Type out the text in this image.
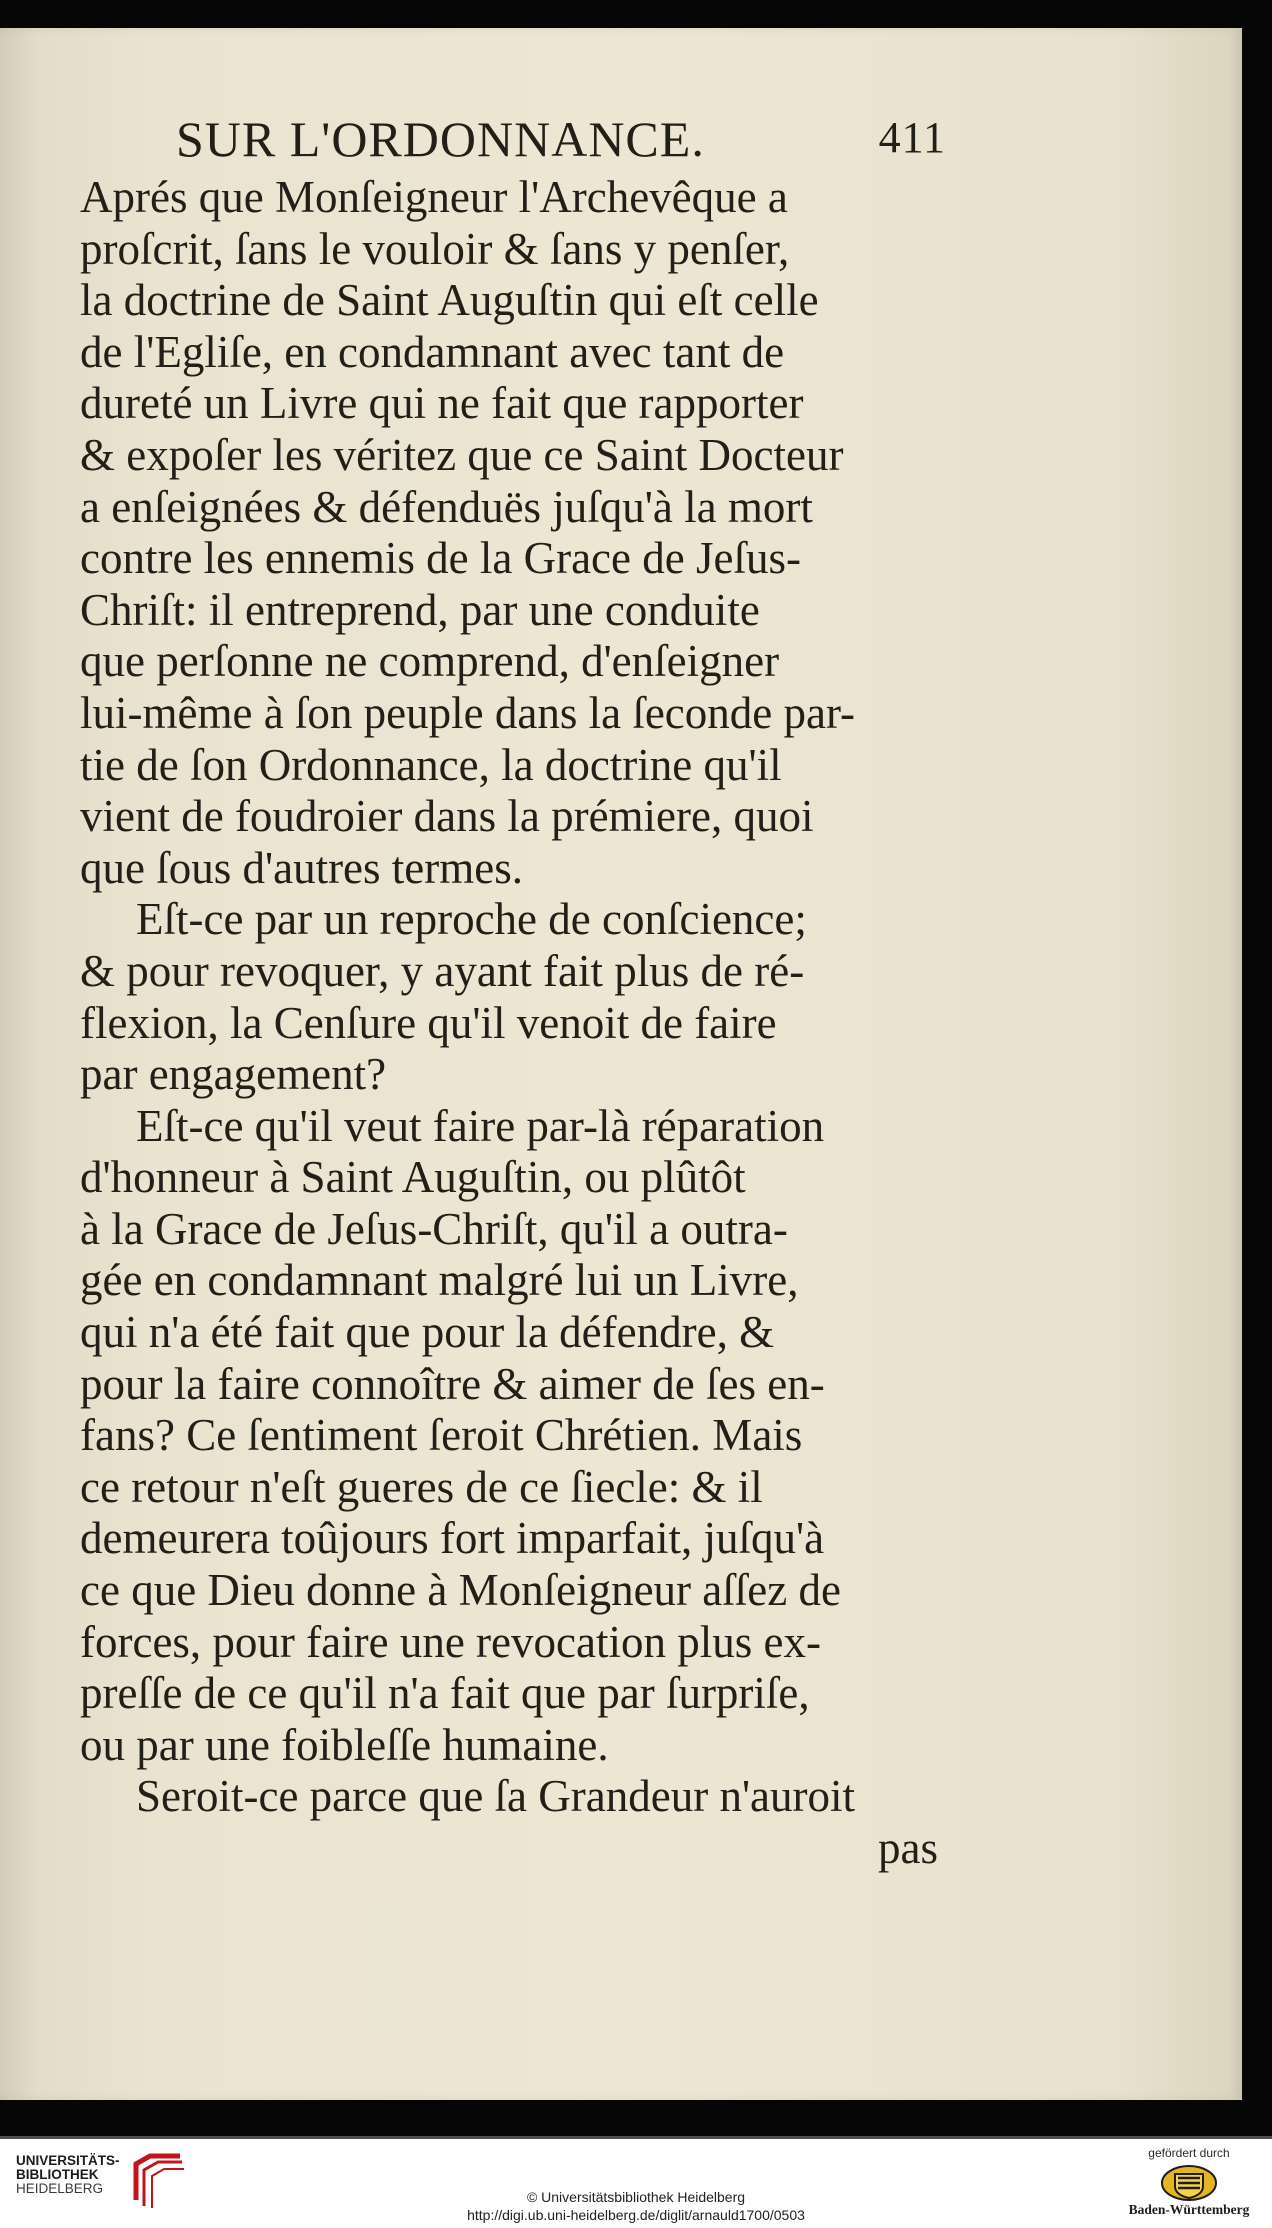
SUR L'ORDONNANCE.	411
Aprés que Monſeigneur l'Archevêque a
proſcrit, ſans le vouloir & ſans y penſer,
la doctrine de Saint Auguſtin qui eſt celle
de l'Egliſe, en condamnant avec tant de
dureté un Livre qui ne fait que rapporter
& expoſer les véritez que ce Saint Docteur
a enſeignées & défenduës juſqu'à la mort
contre les ennemis de la Grace de Jeſus-
Chriſt: il entreprend, par une conduite
que perſonne ne comprend, d'enſeigner
lui-même à ſon peuple dans la ſeconde par-
tie de ſon Ordonnance, la doctrine qu'il
vient de foudroier dans la prémiere, quoi
que ſous d'autres termes.
Eſt-ce par un reproche de conſcience;
& pour revoquer, y ayant fait plus de ré-
flexion, la Cenſure qu'il venoit de faire
par engagement?
Eſt-ce qu'il veut faire par-là réparation
d'honneur à Saint Auguſtin, ou plûtôt
à la Grace de Jeſus-Chriſt, qu'il a outra-
gée en condamnant malgré lui un Livre,
qui n'a été fait que pour la défendre, &
pour la faire connoître & aimer de ſes en-
fans? Ce ſentiment ſeroit Chrétien. Mais
ce retour n'eſt gueres de ce ſiecle: & il
demeurera toûjours fort imparfait, juſqu'à
ce que Dieu donne à Monſeigneur aſſez de
forces, pour faire une revocation plus ex-
preſſe de ce qu'il n'a fait que par ſurpriſe,
ou par une foibleſſe humaine.
Seroit-ce parce que ſa Grandeur n'auroit
pas
UNIVERSITÄTS-
BIBLIOTHEK
HEIDELBERG
© Universitätsbibliothek Heidelberg
http://digi.ub.uni-heidelberg.de/diglit/arnauld1700/0503
gefördert durch
Baden-Württemberg
